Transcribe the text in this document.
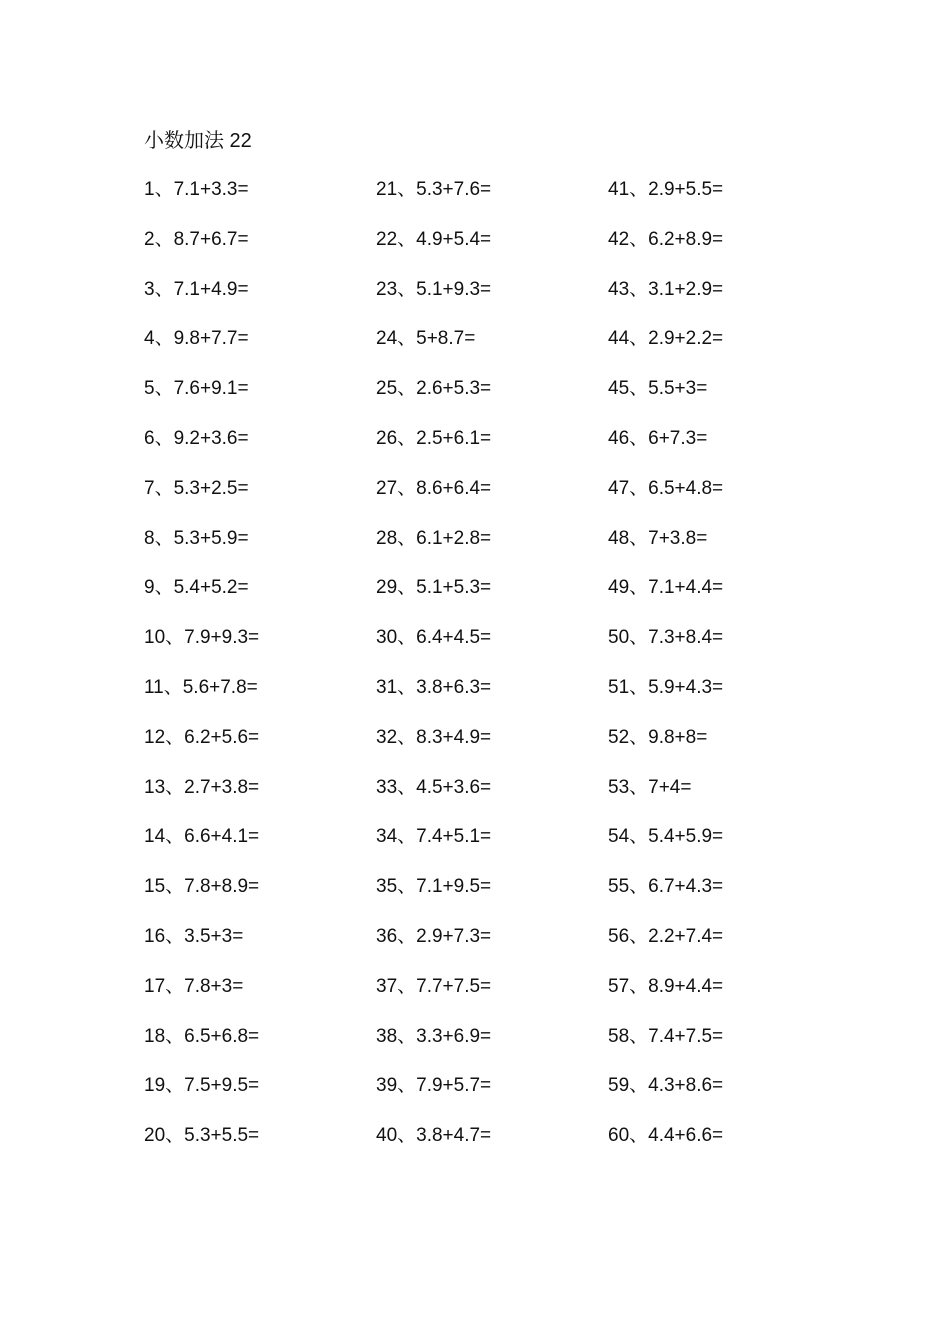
小数加法 22
1、7.1+3.3=
2、8.7+6.7=
3、7.1+4.9=
4、9.8+7.7=
5、7.6+9.1=
6、9.2+3.6=
7、5.3+2.5=
8、5.3+5.9=
9、5.4+5.2=
10、7.9+9.3=
11、5.6+7.8=
12、6.2+5.6=
13、2.7+3.8=
14、6.6+4.1=
15、7.8+8.9=
16、3.5+3=
17、7.8+3=
18、6.5+6.8=
19、7.5+9.5=
20、5.3+5.5=
21、5.3+7.6=
22、4.9+5.4=
23、5.1+9.3=
24、5+8.7=
25、2.6+5.3=
26、2.5+6.1=
27、8.6+6.4=
28、6.1+2.8=
29、5.1+5.3=
30、6.4+4.5=
31、3.8+6.3=
32、8.3+4.9=
33、4.5+3.6=
34、7.4+5.1=
35、7.1+9.5=
36、2.9+7.3=
37、7.7+7.5=
38、3.3+6.9=
39、7.9+5.7=
40、3.8+4.7=
41、2.9+5.5=
42、6.2+8.9=
43、3.1+2.9=
44、2.9+2.2=
45、5.5+3=
46、6+7.3=
47、6.5+4.8=
48、7+3.8=
49、7.1+4.4=
50、7.3+8.4=
51、5.9+4.3=
52、9.8+8=
53、7+4=
54、5.4+5.9=
55、6.7+4.3=
56、2.2+7.4=
57、8.9+4.4=
58、7.4+7.5=
59、4.3+8.6=
60、4.4+6.6=
